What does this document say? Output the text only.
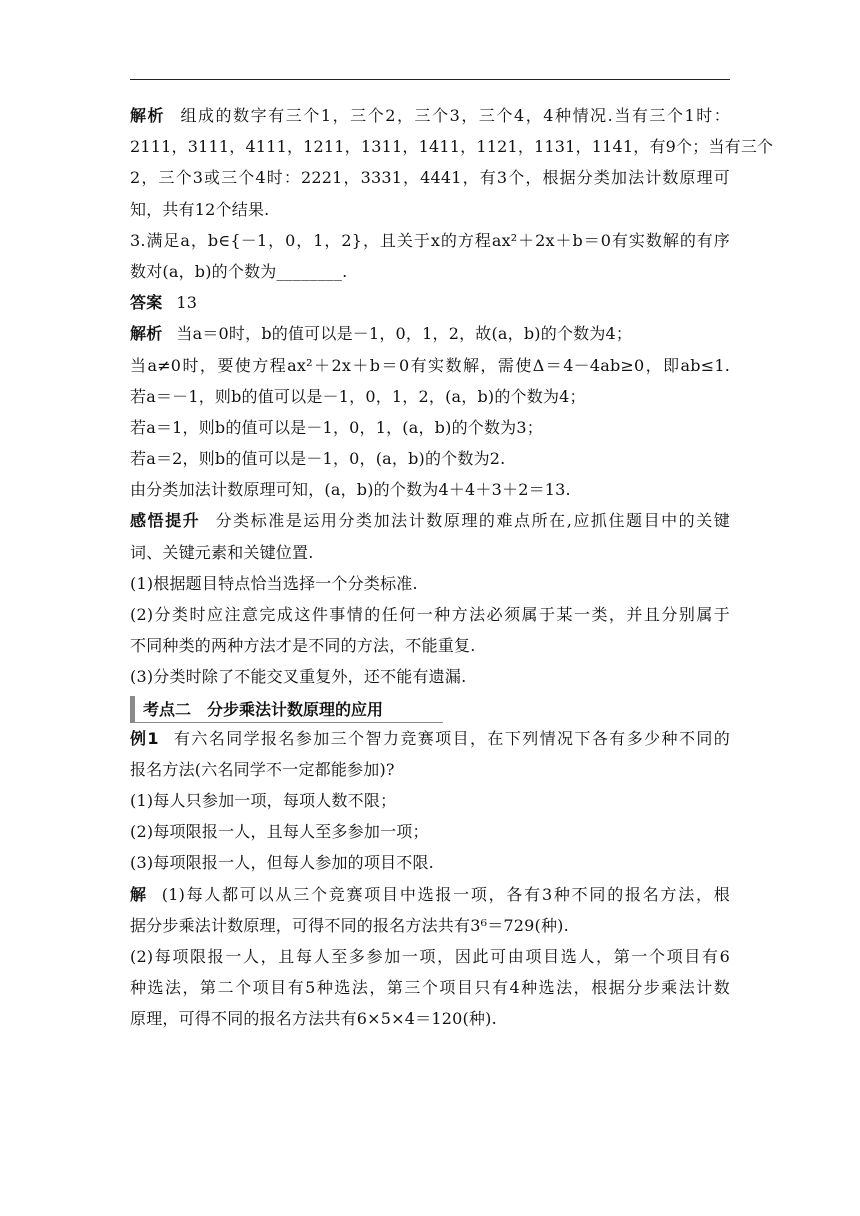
解析 组成的数字有三个1，三个2，三个3，三个4，4种情况.当有三个1时：
2111，3111，4111，1211，1311，1411，1121，1131，1141，有9个；当有三个
2，三个3或三个4时：2221，3331，4441，有3个，根据分类加法计数原理可
知，共有12个结果.
3.满足a，b∈{－1，0，1，2}，且关于x的方程ax²＋2x＋b＝0有实数解的有序
数对(a，b)的个数为________.
答案 13
解析 当a＝0时，b的值可以是－1，0，1，2，故(a，b)的个数为4；
当a≠0时，要使方程ax²＋2x＋b＝0有实数解，需使Δ＝4－4ab≥0，即ab≤1.
若a＝－1，则b的值可以是－1，0，1，2，(a，b)的个数为4；
若a＝1，则b的值可以是－1，0，1，(a，b)的个数为3；
若a＝2，则b的值可以是－1，0，(a，b)的个数为2.
由分类加法计数原理可知，(a，b)的个数为4＋4＋3＋2＝13.
感悟提升 分类标准是运用分类加法计数原理的难点所在,应抓住题目中的关键
词、关键元素和关键位置.
(1)根据题目特点恰当选择一个分类标准.
(2)分类时应注意完成这件事情的任何一种方法必须属于某一类，并且分别属于
不同种类的两种方法才是不同的方法，不能重复.
(3)分类时除了不能交叉重复外，还不能有遗漏.
考点二　分步乘法计数原理的应用
例1 有六名同学报名参加三个智力竞赛项目，在下列情况下各有多少种不同的
报名方法(六名同学不一定都能参加)?
(1)每人只参加一项，每项人数不限；
(2)每项限报一人，且每人至多参加一项；
(3)每项限报一人，但每人参加的项目不限.
解 (1)每人都可以从三个竞赛项目中选报一项，各有3种不同的报名方法，根
据分步乘法计数原理，可得不同的报名方法共有3⁶＝729(种).
(2)每项限报一人，且每人至多参加一项，因此可由项目选人，第一个项目有6
种选法，第二个项目有5种选法，第三个项目只有4种选法，根据分步乘法计数
原理，可得不同的报名方法共有6×5×4＝120(种).
